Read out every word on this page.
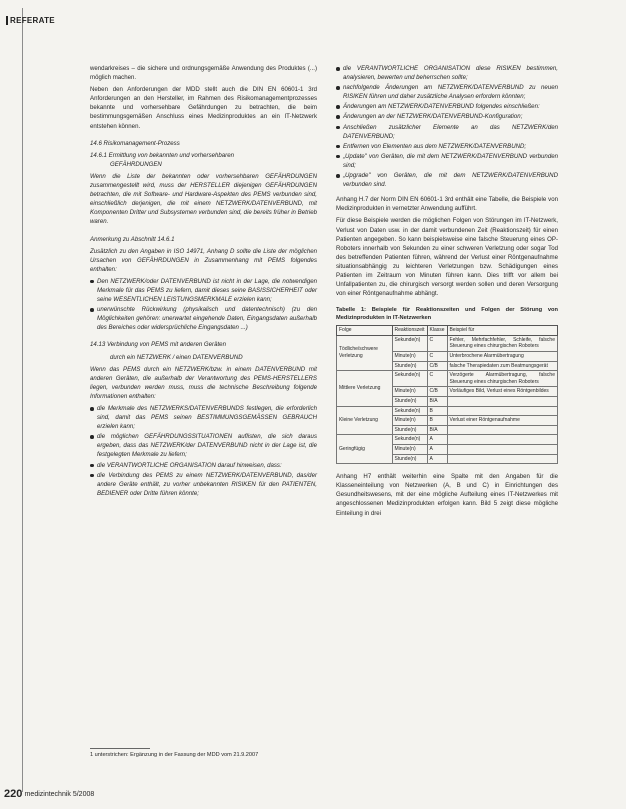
REFERATE

wendarkreises – die sichere und ordnungsgemäße Anwendung des Produktes (...) möglich machen.

Neben den Anforderungen der MDD stellt auch die DIN EN 60601-1 3rd Anforderungen an den Hersteller, im Rahmen des Risikomanagementprozesses bekannte und vorhersehbare Gefährdungen zu betrachten, die beim bestimmungsgemäßen Anschluss eines Medizinproduktes an ein IT-Netzwerk entstehen können.

14.6 Risikomanagement-Prozess
14.6.1 Ermittlung von bekannten und vorhersehbaren
GEFÄHRDUNGEN

Wenn die Liste der bekannten oder vorhersehbaren GEFÄHRDUNGEN zusammengestellt wird, muss der HERSTELLER diejenigen GEFÄHRDUNGEN betrachten, die mit Software- und Hardware-Aspekten des PEMS verbunden sind, einschließlich derjenigen, die mit einem NETZWERK/DATENVERBUND, mit Komponenten Dritter und Subsystemen verbunden sind, die bereits früher in Betrieb waren.

Anmerkung zu Abschnitt 14.6.1

Zusätzlich zu den Angaben in ISO 14971, Anhang D sollte die Liste der möglichen Ursachen von GEFÄHRDUNGEN in Zusammenhang mit PEMS folgendes enthalten:

Den NETZWERK/oder DATENVERBUND ist nicht in der Lage, die notwendigen Merkmale für das PEMS zu liefern, damit dieses seine BASISSICHERHEIT oder seine WESENTLICHEN LEISTUNGSMERKMALE erzielen kann;
unerwünschte Rückwirkung (physikalisch und datentechnisch) (zu den Möglichkeiten gehören: unerwartet eingehende Daten, Eingangsdaten außerhalb des Bereiches oder widersprüchliche Eingangsdaten ...)
14.13 Verbindung von PEMS mit anderen Geräten
durch ein NETZWERK / einen DATENVERBUND

Wenn das PEMS durch ein NETZWERK/bzw. in einem DATENVERBUND mit anderen Geräten, die außerhalb der Verantwortung des PEMS-HERSTELLERS liegen, verbunden werden muss, muss die technische Beschreibung folgende Informationen enthalten:

die Merkmale des NETZWERKS/DATENVERBUNDS festlegen, die erforderlich sind, damit das PEMS seinen BESTIMMUNGSGEMÄSSEN GEBRAUCH erzielen kann;
die möglichen GEFÄHRDUNGSSITUATIONEN auflisten, die sich daraus ergeben, dass das NETZWERK/der DATENVERBUND nicht in der Lage ist, die festgelegten Merkmale zu liefern;
die VERANTWORTLICHE ORGANISATION darauf hinweisen, dass:
die Verbindung des PEMS zu einem NETZWERK/DATENVERBUND, das/der andere Geräte enthält, zu vorher unbekannten RISIKEN für den PATIENTEN, BEDIENER oder Dritte führen könnte;
die VERANTWORTLICHE ORGANISATION diese RISIKEN bestimmen, analysieren, bewerten und beherrschen sollte;
nachfolgende Änderungen am NETZWERK/DATENVERBUND zu neuen RISIKEN führen und daher zusätzliche Analysen erfordern könnten;
Änderungen am NETZWERK/DATENVERBUND folgendes einschließen:
Änderungen an der NETZWERK/DATENVERBUND-Konfiguration;
Anschließen zusätzlicher Elemente an das NETZWERK/den DATENVERBUND;
Entfernen von Elementen aus dem NETZWERK/DATENVERBUND;
„Update" von Geräten, die mit dem NETZWERK/DATENVERBUND verbunden sind;
„Upgrade" von Geräten, die mit dem NETZWERK/DATENVERBUND verbunden sind.

Anhang H.7 der Norm DIN EN 60601-1 3rd enthält eine Tabelle, die Beispiele von Medizinprodukten in vernetzter Anwendung aufführt.

Für diese Beispiele werden die möglichen Folgen von Störungen im IT-Netzwerk, Verlust von Daten usw. in der damit verbundenen Zeit (Reaktionszeit) für einen Patienten angegeben. So kann beispielsweise eine falsche Steuerung eines OP-Roboters innerhalb von Sekunden zu einer schweren Verletzung oder sogar Tod des betreffenden Patienten führen, während der Verlust einer Röntgenaufnahme situationsabhängig zu leichteren Verletzungen bzw. Schädigungen eines Patienten im Zeitraum von Minuten führen kann. Dies trifft vor allem bei Unfallpatienten zu, die chirurgisch versorgt werden sollen und deren Versorgung von einer Röntgenaufnahme abhängt.

Tabelle 1: Beispiele für Reaktionszeiten und Folgen der Störung von Medizinprodukten in IT-Netzwerken
Folge	Reaktionszeit	Klasse	Beispiel für
Tödliche/schwere Verletzung	Sekunde(n)	C	Fehler, Mehrfachfehler, Schleife, falsche Steuerung eines chirurgischen Roboters
	Minute(n)	C	Unterbrochene Alarmübertragung
	Stunde(n)	C/B	falsche Therapiedaten zum Beatmungsgerät
Mittlere Verletzung	Sekunde(n)	C	Verzögerte Alarmübertragung, falsche Steuerung eines chirurgischen Roboters
	Minute(n)	C/B	Vorläufiges Bild, Verlust eines Röntgenbildes
	Stunde(n)	B/A	
Kleine Verletzung	Sekunde(n)	B	
	Minute(n)	B	Verlust einer Röntgenaufnahme
	Stunde(n)	B/A	
Geringfügig	Sekunde(n)	A	
	Minute(n)	A	
	Stunde(n)	A	

Anhang H7 enthält weiterhin eine Spalte mit den Angaben für die Klasseneinteilung von Netzwerken (A, B und C) in Einrichtungen des Gesundheitswesens, mit der eine mögliche Aufteilung eines IT-Netzwerkes mit angeschlossenen Medizinprodukten erfolgen kann. Bild 5 zeigt diese mögliche Einteilung in drei

1 unterstrichen: Ergänzung in der Fassung der MDD vom 21.9.2007
220 medizintechnik 5/2008
